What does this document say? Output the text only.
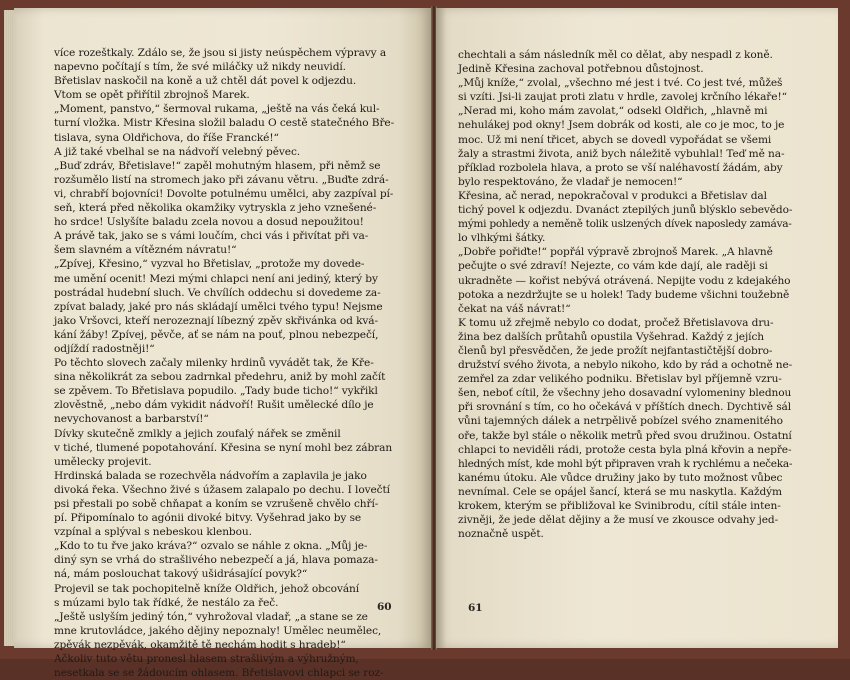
více rozeštkaly. Zdálo se, že jsou si jisty neúspěchem výpravy a
napevno počítají s tím, že své miláčky už nikdy neuvidí.
Břetislav naskočil na koně a už chtěl dát povel k odjezdu.
Vtom se opět přiřítil zbrojnoš Marek.
„Moment, panstvo,“ šermoval rukama, „ještě na vás čeká kul-
turní vložka. Mistr Křesina složil baladu O cestě statečného Bře-
tislava, syna Oldřichova, do říše Francké!“
A již také vbelhal se na nádvoří velebný pěvec.
„Buď zdráv, Břetislave!“ zapěl mohutným hlasem, při němž se
rozšumělo listí na stromech jako při závanu větru. „Buďte zdrá-
vi, chrabří bojovníci! Dovolte potulnému umělci, aby zazpíval pí-
seň, která před několika okamžiky vytryskla z jeho vznešené-
ho srdce! Uslyšíte baladu zcela novou a dosud nepoužitou!
A právě tak, jako se s vámi loučím, chci vás i přivítat při va-
šem slavném a vítězném návratu!“
„Zpívej, Křesino,“ vyzval ho Břetislav, „protože my dovede-
me umění ocenit! Mezi mými chlapci není ani jediný, který by
postrádal hudební sluch. Ve chvílích oddechu si dovedeme za-
zpívat balady, jaké pro nás skládají umělci tvého typu! Nejsme
jako Vršovci, kteří nerozeznají líbezný zpěv skřivánka od kvá-
kání žáby! Zpívej, pěvče, ať se nám na pouť, plnou nebezpečí,
odjíždí radostněji!“
Po těchto slovech začaly milenky hrdinů vyvádět tak, že Kře-
sina několikrát za sebou zadrnkal předehru, aniž by mohl začít
se zpěvem. To Břetislava popudilo. „Tady bude ticho!“ vykřikl
zlověstně, „nebo dám vykidit nádvoří! Rušit umělecké dílo je
nevychovanost a barbarství!“
Dívky skutečně zmlkly a jejich zoufalý nářek se změnil
v tiché, tlumené popotahování. Křesina se nyní mohl bez zábran
umělecky projevit.
Hrdinská balada se rozechvěla nádvořím a zaplavila je jako
divoká řeka. Všechno živé s úžasem zalapalo po dechu. I lovečtí
psi přestali po sobě chňapat a koním se vzrušeně chvělo chří-
pí. Připomínalo to agónii divoké bitvy. Vyšehrad jako by se
vzpínal a splýval s nebeskou klenbou.
„Kdo to tu řve jako kráva?“ ozvalo se náhle z okna. „Můj je-
diný syn se vrhá do strašlivého nebezpečí a já, hlava pomaza-
ná, mám poslouchat takový ušidrásající povyk?“
Projevil se tak pochopitelně kníže Oldřich, jehož obcování
s múzami bylo tak řídké, že nestálo za řeč.
„Ještě uslyším jediný tón,“ vyhrožoval vladař, „a stane se ze
mne krutovládce, jakého dějiny nepoznaly! Umělec neumělec,
zpěvák nezpěvák, okamžitě tě nechám hodit s hradeb!“
Ačkoliv tuto větu pronesl hlasem strašlivým a výhružným,
nesetkala se se žádoucím ohlasem. Břetislavovi chlapci se roz-
60
chechtali a sám následník měl co dělat, aby nespadl z koně.
Jedině Křesina zachoval potřebnou důstojnost.
„Můj kníže,“ zvolal, „všechno mé jest i tvé. Co jest tvé, můžeš
si vzíti. Jsi-li zaujat proti zlatu v hrdle, zavolej krčního lékaře!“
„Nerad mi, koho mám zavolat,“ odsekl Oldřich, „hlavně mi
nehulákej pod okny! Jsem dobrák od kosti, ale co je moc, to je
moc. Už mi není třicet, abych se dovedl vypořádat se všemi
žaly a strastmi života, aniž bych náležitě vybuhlal! Teď mě na-
příklad rozbolela hlava, a proto se vší naléhavostí žádám, aby
bylo respektováno, že vladař je nemocen!“
Křesina, ač nerad, nepokračoval v produkci a Břetislav dal
tichý povel k odjezdu. Dvanáct ztepilých junů blýsklo sebevědo-
mými pohledy a neměně tolik uslzených dívek naposledy zamáva-
lo vlhkými šátky.
„Dobře pořiďte!“ popřál výpravě zbrojnoš Marek. „A hlavně
pečujte o své zdraví! Nejezte, co vám kde dají, ale raději si
ukradněte — kořist nebývá otrávená. Nepijte vodu z kdejakého
potoka a nezdržujte se u holek! Tady budeme všichni toužebně
čekat na váš návrat!“
K tomu už zřejmě nebylo co dodat, pročež Břetislavova dru-
žina bez dalších průtahů opustila Vyšehrad. Každý z jejích
členů byl přesvědčen, že jede prožít nejfantastičtější dobro-
družství svého života, a nebylo nikoho, kdo by rád a ochotně ne-
zemřel za zdar velikého podniku. Břetislav byl příjemně vzru-
šen, neboť cítil, že všechny jeho dosavadní vylomeniny blednou
při srovnání s tím, co ho očekává v příštích dnech. Dychtivě sál
vůni tajemných dálek a netrpělivě pobízel svého znamenitého
oře, takže byl stále o několik metrů před svou družinou. Ostatní
chlapci to neviděli rádi, protože cesta byla plná křovin a nepře-
hledných míst, kde mohl být připraven vrah k rychlému a nečeka-
kanému útoku. Ale vůdce družiny jako by tuto možnost vůbec
nevnímal. Cele se opájel šancí, která se mu naskytla. Každým
krokem, kterým se přibližoval ke Svinibrodu, cítil stále inten-
zivněji, že jede dělat dějiny a že musí ve zkousce odvahy jed-
noznačně uspět.
61
